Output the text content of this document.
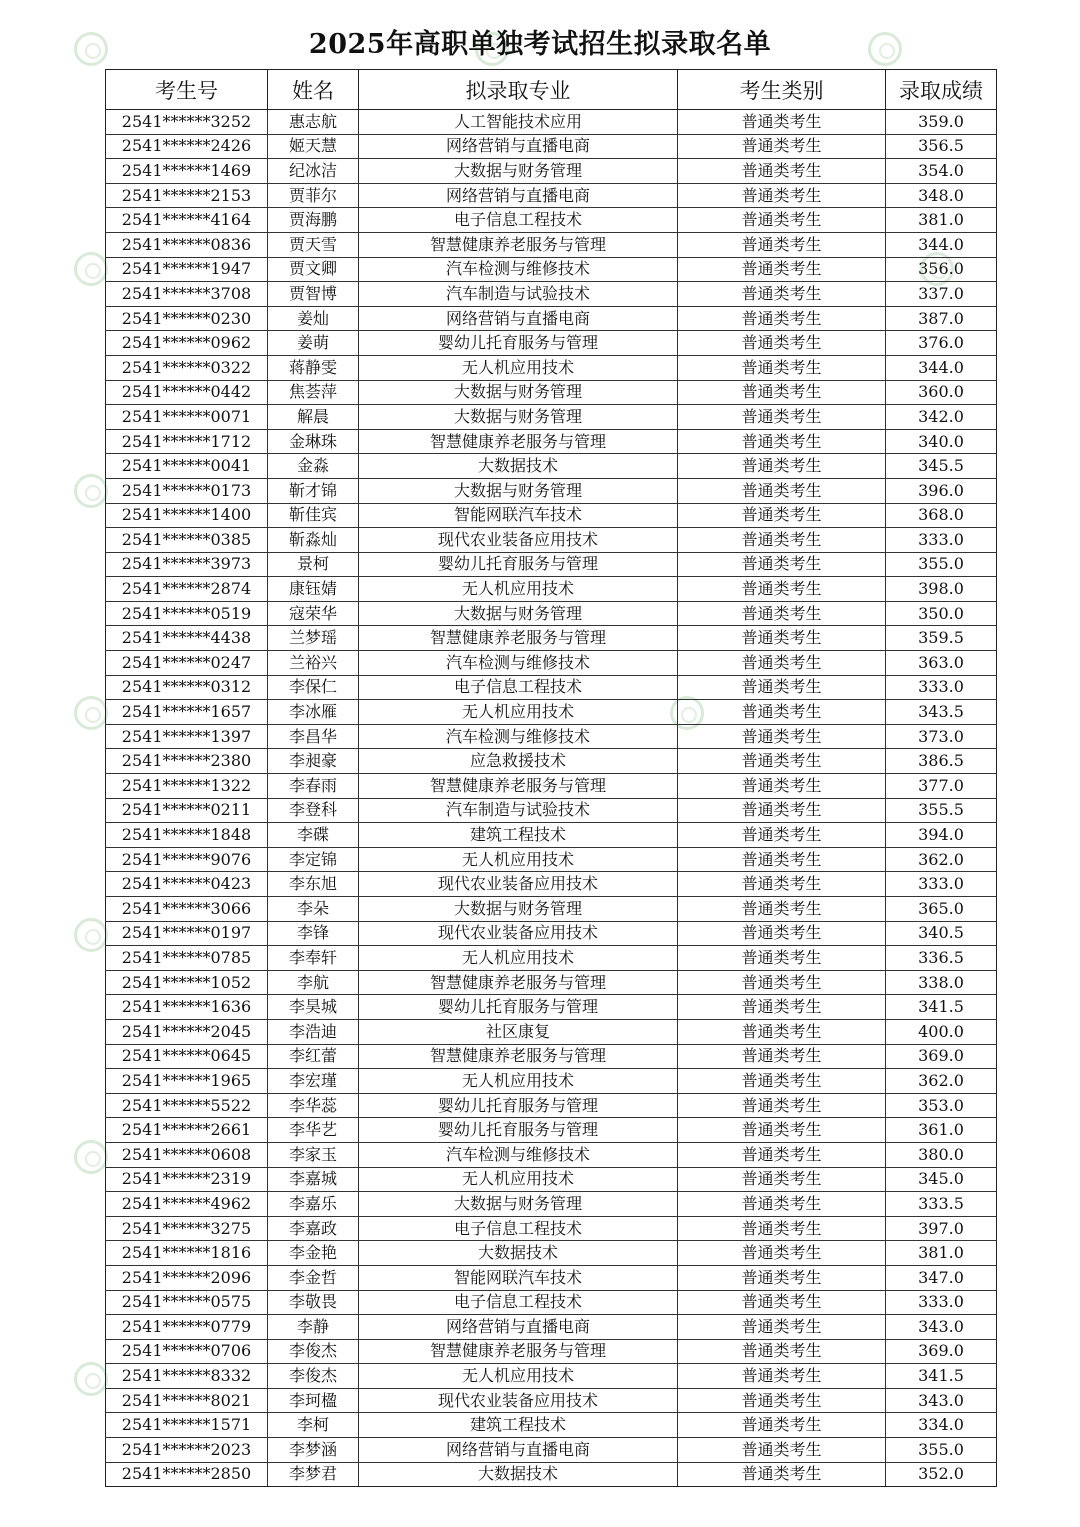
2025年高职单独考试招生拟录取名单
考生号	姓名	拟录取专业	考生类别	录取成绩
2541******3252	惠志航	人工智能技术应用	普通类考生	359.0
2541******2426	姬天慧	网络营销与直播电商	普通类考生	356.5
2541******1469	纪冰洁	大数据与财务管理	普通类考生	354.0
2541******2153	贾菲尔	网络营销与直播电商	普通类考生	348.0
2541******4164	贾海鹏	电子信息工程技术	普通类考生	381.0
2541******0836	贾天雪	智慧健康养老服务与管理	普通类考生	344.0
2541******1947	贾文卿	汽车检测与维修技术	普通类考生	356.0
2541******3708	贾智博	汽车制造与试验技术	普通类考生	337.0
2541******0230	姜灿	网络营销与直播电商	普通类考生	387.0
2541******0962	姜萌	婴幼儿托育服务与管理	普通类考生	376.0
2541******0322	蒋静雯	无人机应用技术	普通类考生	344.0
2541******0442	焦荟萍	大数据与财务管理	普通类考生	360.0
2541******0071	解晨	大数据与财务管理	普通类考生	342.0
2541******1712	金琳珠	智慧健康养老服务与管理	普通类考生	340.0
2541******0041	金淼	大数据技术	普通类考生	345.5
2541******0173	靳才锦	大数据与财务管理	普通类考生	396.0
2541******1400	靳佳宾	智能网联汽车技术	普通类考生	368.0
2541******0385	靳淼灿	现代农业装备应用技术	普通类考生	333.0
2541******3973	景柯	婴幼儿托育服务与管理	普通类考生	355.0
2541******2874	康钰婧	无人机应用技术	普通类考生	398.0
2541******0519	寇荣华	大数据与财务管理	普通类考生	350.0
2541******4438	兰梦瑶	智慧健康养老服务与管理	普通类考生	359.5
2541******0247	兰裕兴	汽车检测与维修技术	普通类考生	363.0
2541******0312	李保仁	电子信息工程技术	普通类考生	333.0
2541******1657	李冰雁	无人机应用技术	普通类考生	343.5
2541******1397	李昌华	汽车检测与维修技术	普通类考生	373.0
2541******2380	李昶豪	应急救援技术	普通类考生	386.5
2541******1322	李春雨	智慧健康养老服务与管理	普通类考生	377.0
2541******0211	李登科	汽车制造与试验技术	普通类考生	355.5
2541******1848	李碟	建筑工程技术	普通类考生	394.0
2541******9076	李定锦	无人机应用技术	普通类考生	362.0
2541******0423	李东旭	现代农业装备应用技术	普通类考生	333.0
2541******3066	李朵	大数据与财务管理	普通类考生	365.0
2541******0197	李锋	现代农业装备应用技术	普通类考生	340.5
2541******0785	李奉轩	无人机应用技术	普通类考生	336.5
2541******1052	李航	智慧健康养老服务与管理	普通类考生	338.0
2541******1636	李昊城	婴幼儿托育服务与管理	普通类考生	341.5
2541******2045	李浩迪	社区康复	普通类考生	400.0
2541******0645	李红蕾	智慧健康养老服务与管理	普通类考生	369.0
2541******1965	李宏瑾	无人机应用技术	普通类考生	362.0
2541******5522	李华蕊	婴幼儿托育服务与管理	普通类考生	353.0
2541******2661	李华艺	婴幼儿托育服务与管理	普通类考生	361.0
2541******0608	李家玉	汽车检测与维修技术	普通类考生	380.0
2541******2319	李嘉城	无人机应用技术	普通类考生	345.0
2541******4962	李嘉乐	大数据与财务管理	普通类考生	333.5
2541******3275	李嘉政	电子信息工程技术	普通类考生	397.0
2541******1816	李金艳	大数据技术	普通类考生	381.0
2541******2096	李金哲	智能网联汽车技术	普通类考生	347.0
2541******0575	李敬畏	电子信息工程技术	普通类考生	333.0
2541******0779	李静	网络营销与直播电商	普通类考生	343.0
2541******0706	李俊杰	智慧健康养老服务与管理	普通类考生	369.0
2541******8332	李俊杰	无人机应用技术	普通类考生	341.5
2541******8021	李珂楹	现代农业装备应用技术	普通类考生	343.0
2541******1571	李柯	建筑工程技术	普通类考生	334.0
2541******2023	李梦涵	网络营销与直播电商	普通类考生	355.0
2541******2850	李梦君	大数据技术	普通类考生	352.0
